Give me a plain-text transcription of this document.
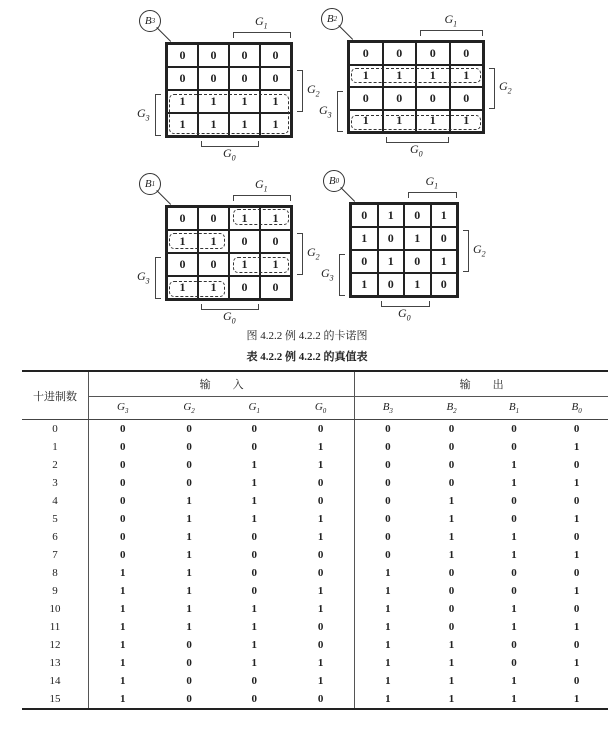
B 3
0	0	0	0
0	0	0	0
1	1	1	1
1	1	1	1
$G_1$
$G_2$
$G_3$
$G_0$
B 2
0	0	0	0
1	1	1	1
0	0	0	0
1	1	1	1
$G_1$
$G_2$
$G_3$
$G_0$
B 1
0	0	1	1
1	1	0	0
0	0	1	1
1	1	0	0
$G_1$
$G_2$
$G_3$
$G_0$
B 0
0	1	0	1
1	0	1	0
0	1	0	1
1	0	1	0
$G_1$
$G_2$
$G_3$
$G_0$
图 4.2.2 例 4.2.2 的卡诺图
表 4.2.2 例 4.2.2 的真值表
十进制数	输　　入				输　　出			
	$G_3$	$G_2$	$G_1$	$G_0$	$B_3$	$B_2$	$B_1$	$B_0$
0	0	0	0	0	0	0	0	0
1	0	0	0	1	0	0	0	1
2	0	0	1	1	0	0	1	0
3	0	0	1	0	0	0	1	1
4	0	1	1	0	0	1	0	0
5	0	1	1	1	0	1	0	1
6	0	1	0	1	0	1	1	0
7	0	1	0	0	0	1	1	1
8	1	1	0	0	1	0	0	0
9	1	1	0	1	1	0	0	1
10	1	1	1	1	1	0	1	0
11	1	1	1	0	1	0	1	1
12	1	0	1	0	1	1	0	0
13	1	0	1	1	1	1	0	1
14	1	0	0	1	1	1	1	0
15	1	0	0	0	1	1	1	1
